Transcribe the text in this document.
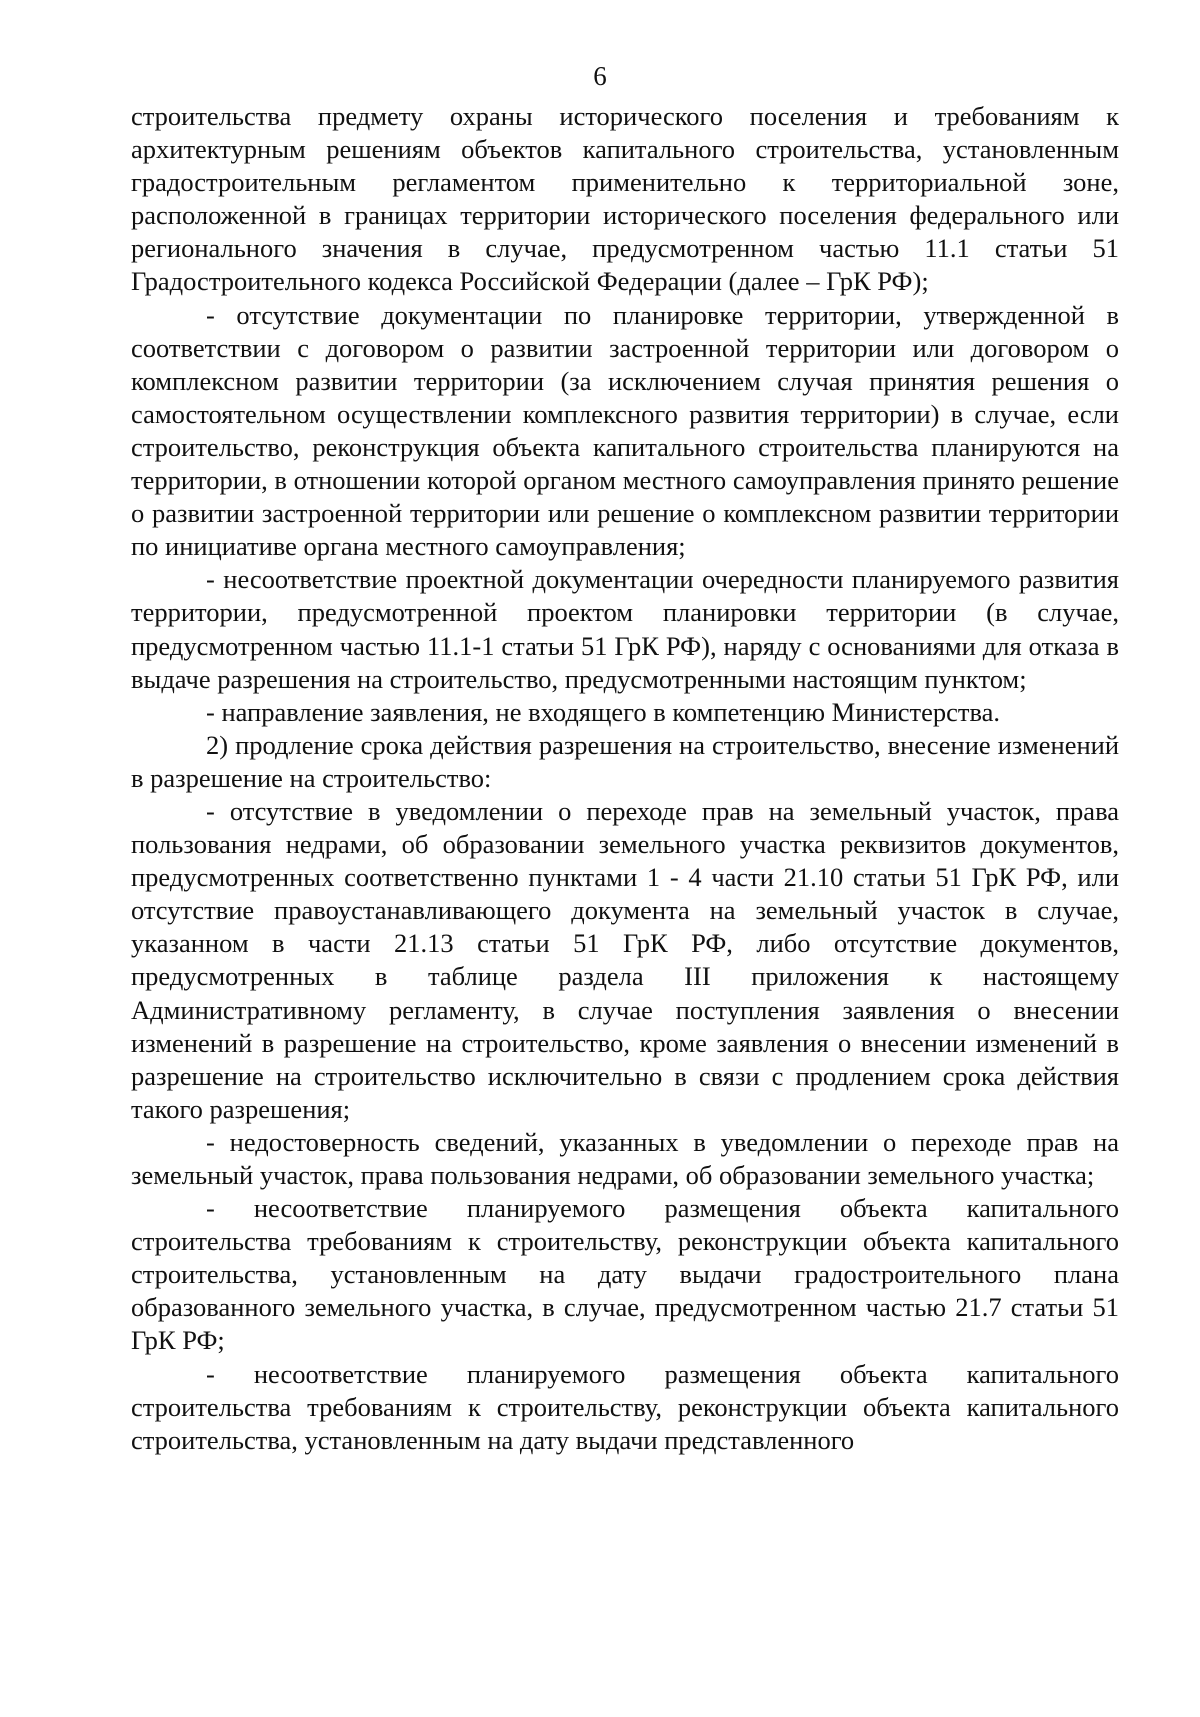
6

строительства предмету охраны исторического поселения и требованиям к архитектурным решениям объектов капитального строительства, установленным градостроительным регламентом применительно к территориальной зоне, расположенной в границах территории исторического поселения федерального или регионального значения в случае, предусмотренном частью 11.1 статьи 51 Градостроительного кодекса Российской Федерации (далее – ГрК РФ);

- отсутствие документации по планировке территории, утвержденной в соответствии с договором о развитии застроенной территории или договором о комплексном развитии территории (за исключением случая принятия решения о самостоятельном осуществлении комплексного развития территории) в случае, если строительство, реконструкция объекта капитального строительства планируются на территории, в отношении которой органом местного самоуправления принято решение о развитии застроенной территории или решение о комплексном развитии территории по инициативе органа местного самоуправления;

- несоответствие проектной документации очередности планируемого развития территории, предусмотренной проектом планировки территории (в случае, предусмотренном частью 11.1-1 статьи 51 ГрК РФ), наряду с основаниями для отказа в выдаче разрешения на строительство, предусмотренными настоящим пунктом;

- направление заявления, не входящего в компетенцию Министерства.

2) продление срока действия разрешения на строительство, внесение изменений в разрешение на строительство:

- отсутствие в уведомлении о переходе прав на земельный участок, права пользования недрами, об образовании земельного участка реквизитов документов, предусмотренных соответственно пунктами 1 - 4 части 21.10 статьи 51 ГрК РФ, или отсутствие правоустанавливающего документа на земельный участок в случае, указанном в части 21.13 статьи 51 ГрК РФ, либо отсутствие документов, предусмотренных в таблице раздела III приложения к настоящему Административному регламенту, в случае поступления заявления о внесении изменений в разрешение на строительство, кроме заявления о внесении изменений в разрешение на строительство исключительно в связи с продлением срока действия такого разрешения;

- недостоверность сведений, указанных в уведомлении о переходе прав на земельный участок, права пользования недрами, об образовании земельного участка;

- несоответствие планируемого размещения объекта капитального строительства требованиям к строительству, реконструкции объекта капитального строительства, установленным на дату выдачи градостроительного плана образованного земельного участка, в случае, предусмотренном частью 21.7 статьи 51 ГрК РФ;

- несоответствие планируемого размещения объекта капитального строительства требованиям к строительству, реконструкции объекта капитального строительства, установленным на дату выдачи представленного
